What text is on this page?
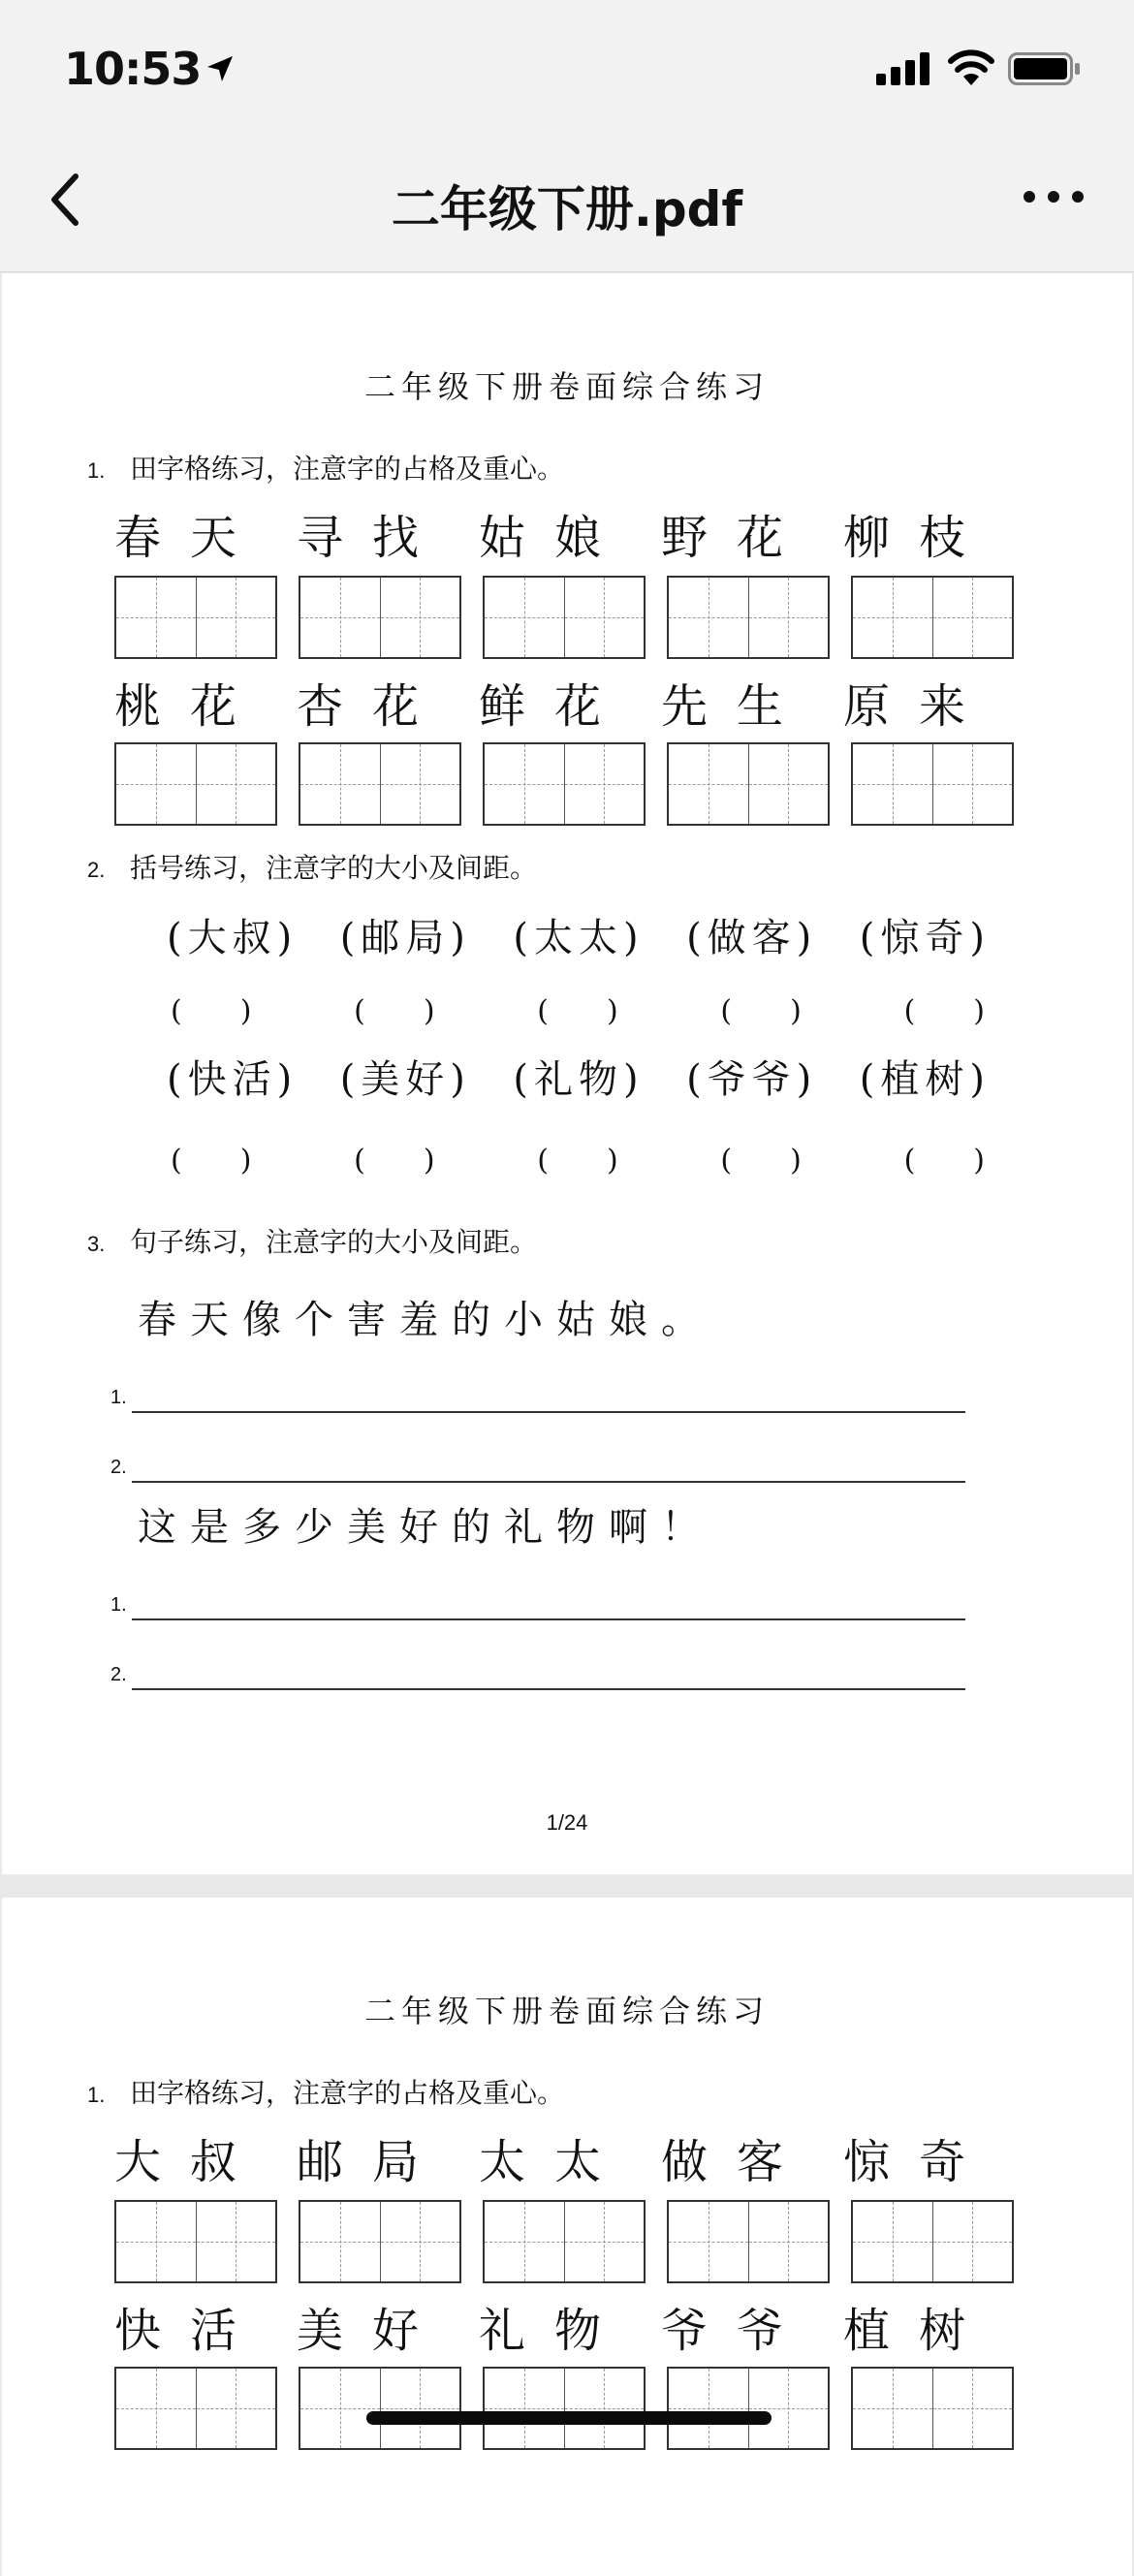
10:53
二年级下册.pdf
二年级下册卷面综合练习
1. 田字格练习，注意字的占格及重心。
春天 寻找 姑娘 野花 柳枝
桃花 杏花 鲜花 先生 原来
2. 括号练习，注意字的大小及间距。
(大叔) (邮局) (太太) (做客) (惊奇)
(　　)	(　　)	(　　)	(　　)	(　　)
(快活) (美好) (礼物) (爷爷) (植树)
(　　)	(　　)	(　　)	(　　)	(　　)
3. 句子练习，注意字的大小及间距。
春天像个害羞的小姑娘。
1.
2.
这是多少美好的礼物啊！
1.
2.
1/24
二年级下册卷面综合练习
1. 田字格练习，注意字的占格及重心。
大叔 邮局 太太 做客 惊奇
快活 美好 礼物 爷爷 植树
